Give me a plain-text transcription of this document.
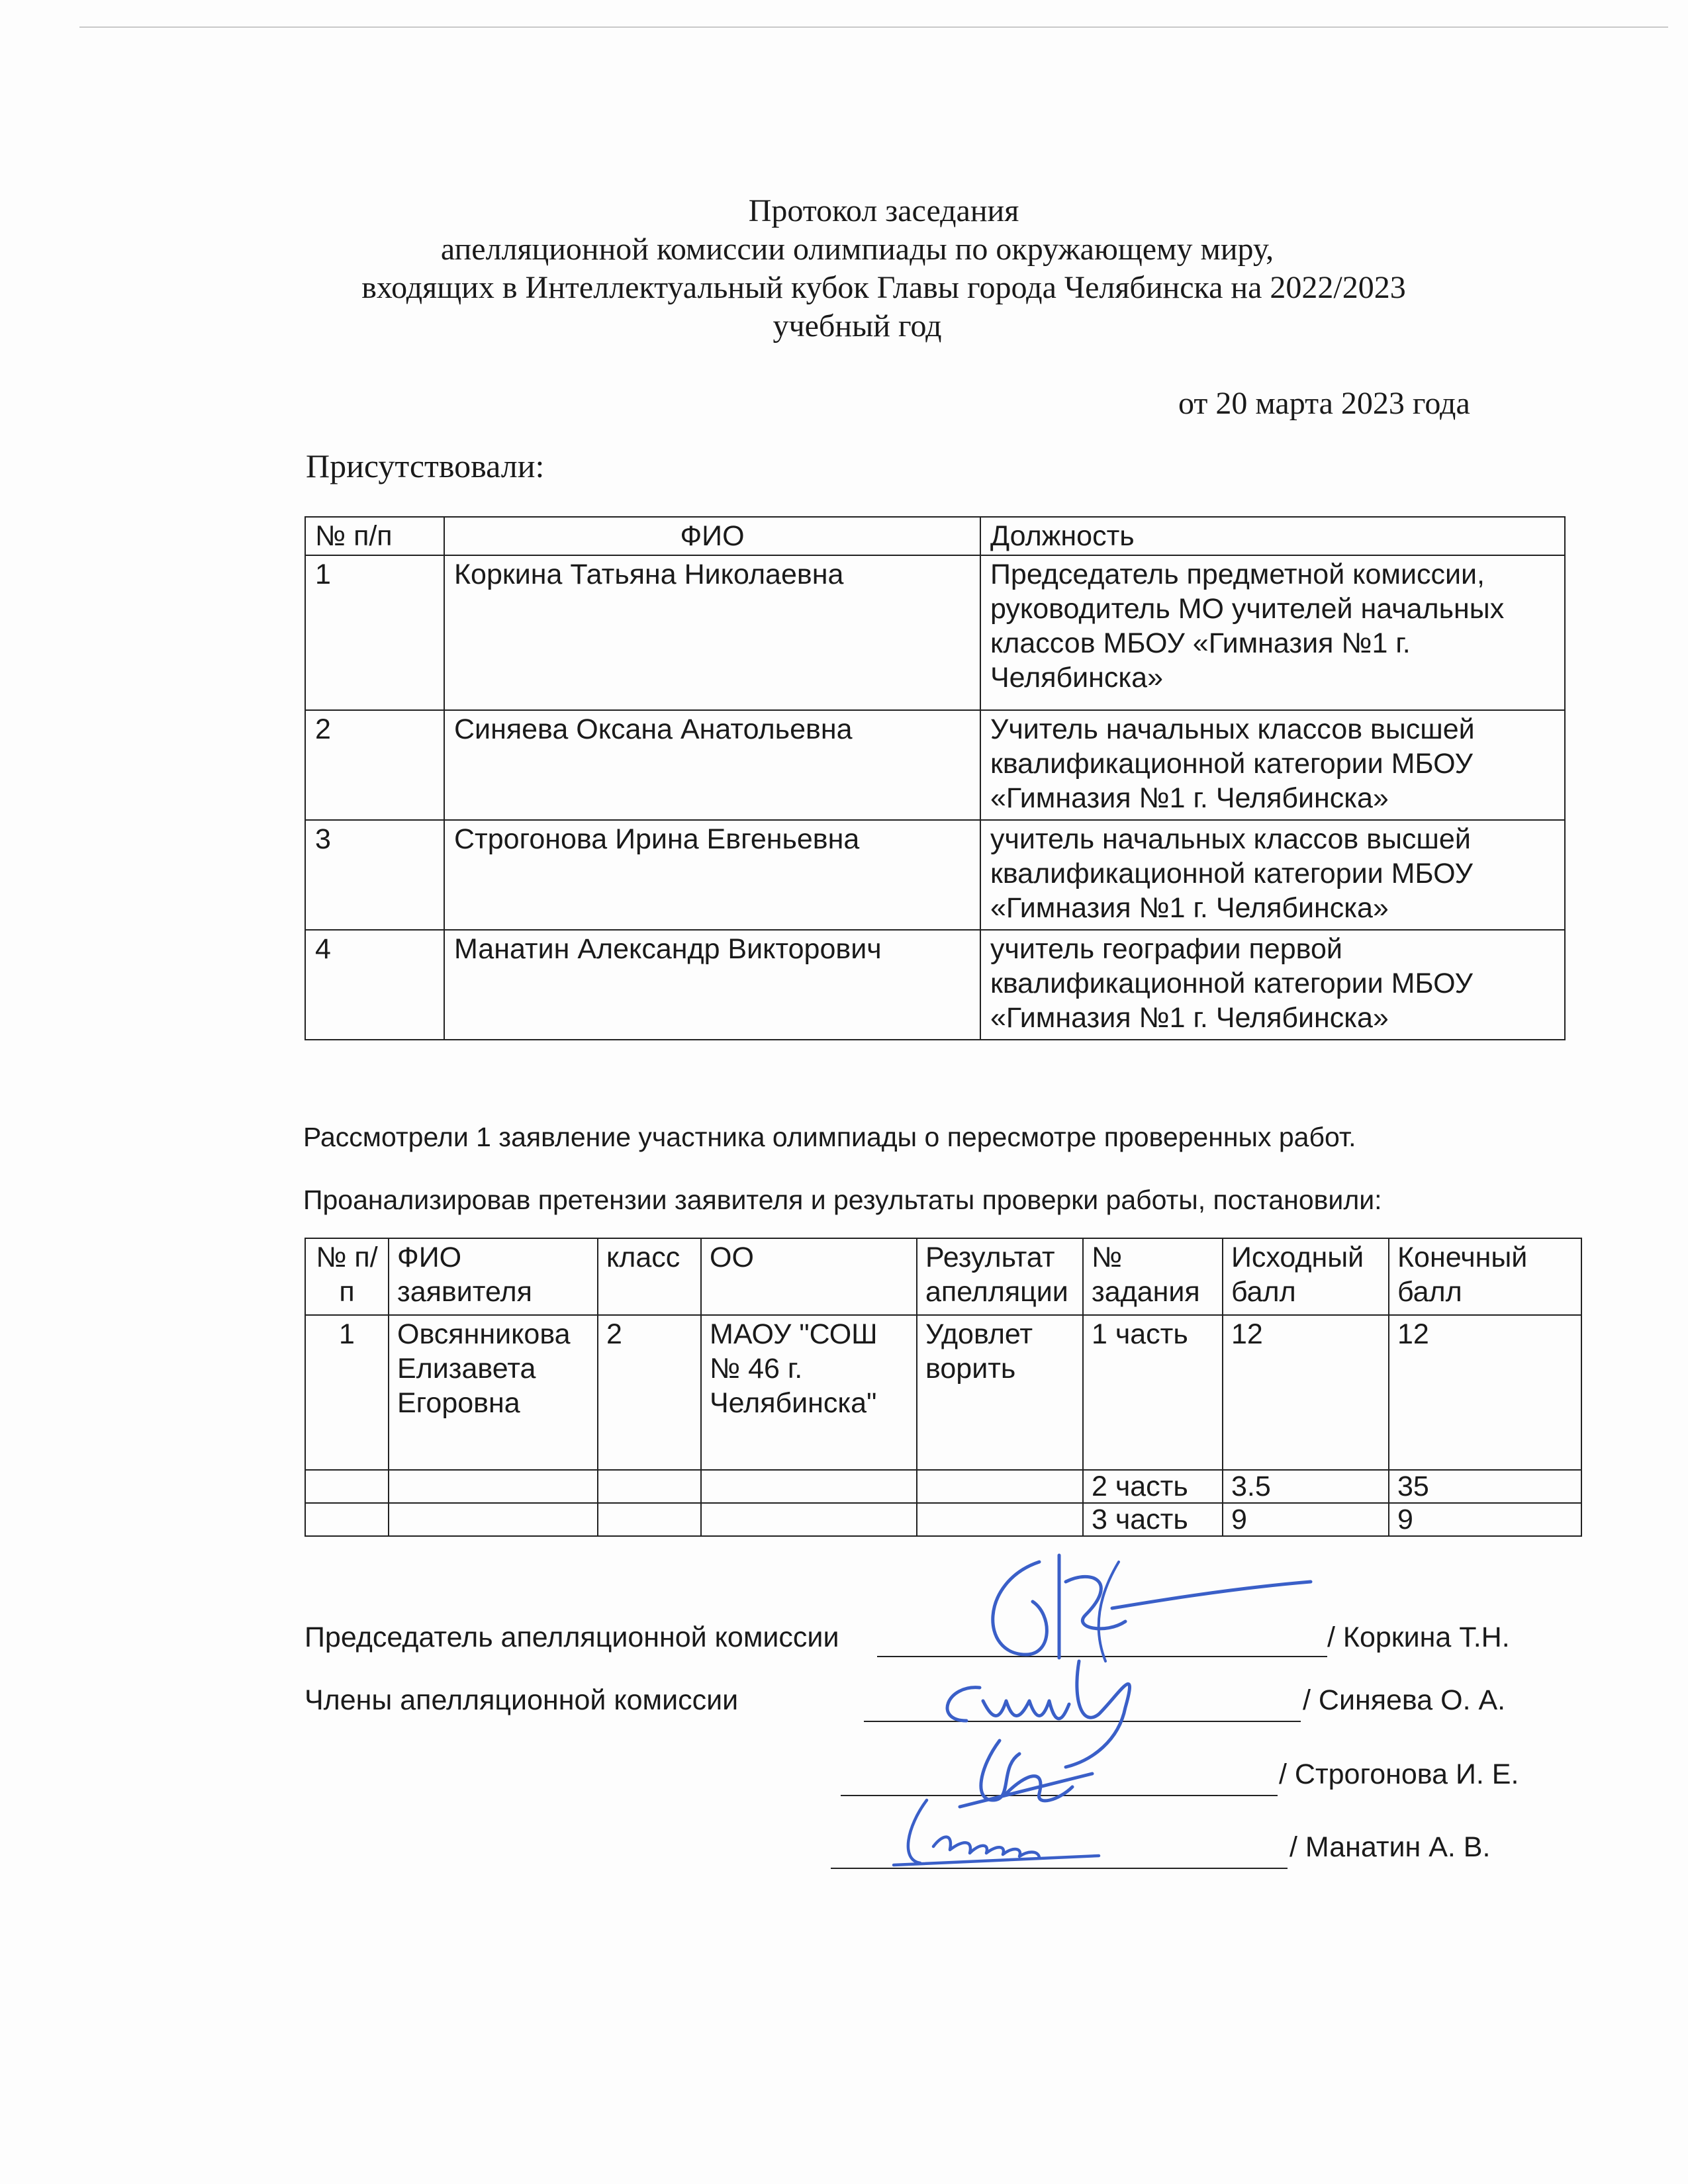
Протокол заседания
апелляционной комиссии олимпиады по окружающему миру,
входящих в Интеллектуальный кубок Главы города Челябинска на 2022/2023
учебный год
от 20 марта 2023 года
Присутствовали:
№ п/п	ФИО	Должность
1	Коркина Татьяна Николаевна	Председатель предметной комиссии, руководитель МО учителей начальных классов МБОУ «Гимназия №1 г. Челябинска»
2	Синяева Оксана Анатольевна	Учитель начальных классов высшей квалификационной категории МБОУ «Гимназия №1 г. Челябинска»
3	Строгонова Ирина Евгеньевна	учитель начальных классов высшей квалификационной категории МБОУ «Гимназия №1 г. Челябинска»
4	Манатин Александр Викторович	учитель географии первой квалификационной категории МБОУ «Гимназия №1 г. Челябинска»
Рассмотрели 1 заявление участника олимпиады о пересмотре проверенных работ.
Проанализировав претензии заявителя и результаты проверки работы, постановили:
№ п/п	ФИО заявителя	класс	ОО	Результат апелляции	№ задания	Исходный балл	Конечный балл
1	Овсянникова Елизавета Егоровна	2	МАОУ "СОШ № 46 г. Челябинска"	Удовлет ворить	1 часть	12	12
					2 часть	3.5	35
					3 часть	9	9
Председатель апелляционной комиссии	/ Коркина Т.Н.
Члены апелляционной комиссии	/ Синяева О. А.
/ Строгонова И. Е.
/ Манатин А. В.
